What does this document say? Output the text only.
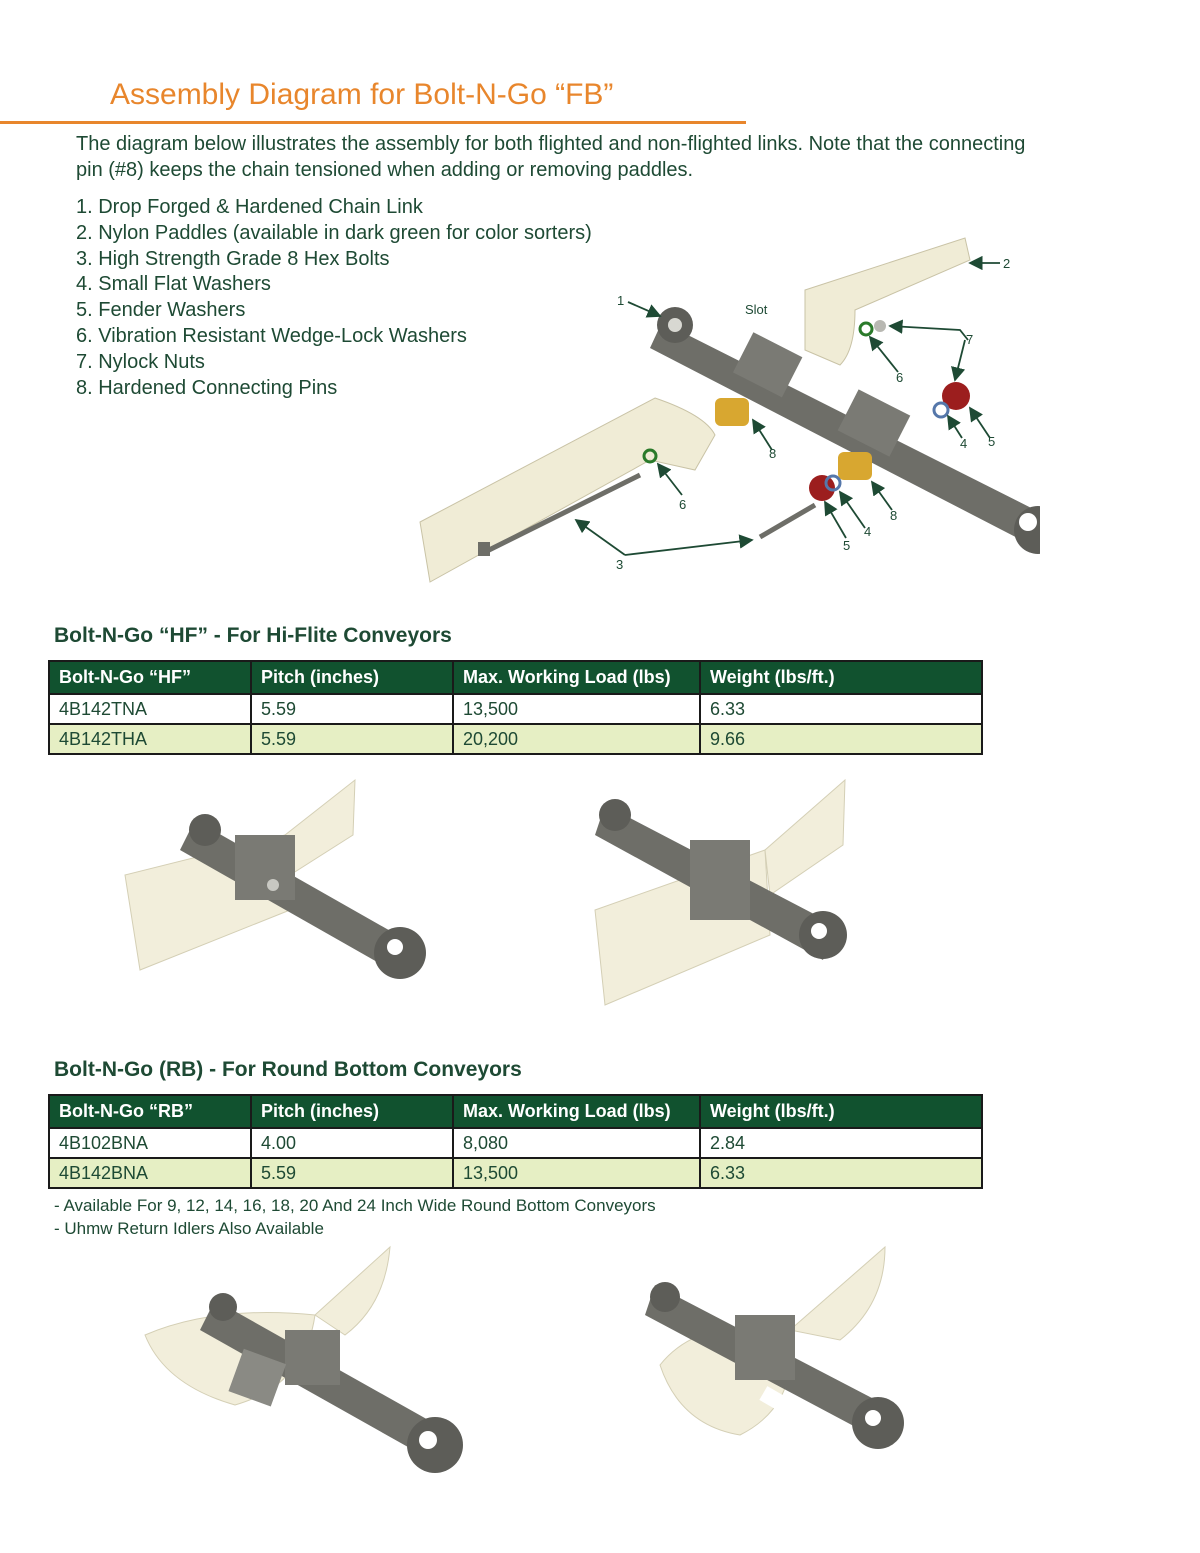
Assembly Diagram for Bolt-N-Go “FB”
The diagram below illustrates the assembly for both flighted and non-flighted links. Note that the connecting pin (#8) keeps the chain tensioned when adding or removing paddles.
1. Drop Forged & Hardened Chain Link
2. Nylon Paddles (available in dark green for color sorters)
3. High Strength Grade 8 Hex Bolts
4. Small Flat Washers
5. Fender Washers
6. Vibration Resistant Wedge-Lock Washers
7. Nylock Nuts
8. Hardened Connecting Pins
Slot
1
2
7
6
4 5
8
6
3
5
4
8
Bolt-N-Go “HF” - For Hi-Flite Conveyors
Bolt-N-Go “HF”	Pitch (inches)	Max. Working Load (lbs)	Weight (lbs/ft.)
4B142TNA	5.59	13,500	6.33
4B142THA	5.59	20,200	9.66
Bolt-N-Go (RB) - For Round Bottom Conveyors
Bolt-N-Go “RB”	Pitch (inches)	Max. Working Load (lbs)	Weight (lbs/ft.)
4B102BNA	4.00	8,080	2.84
4B142BNA	5.59	13,500	6.33
- Available For 9, 12, 14, 16, 18, 20 And 24 Inch Wide Round Bottom Conveyors
- Uhmw Return Idlers Also Available
